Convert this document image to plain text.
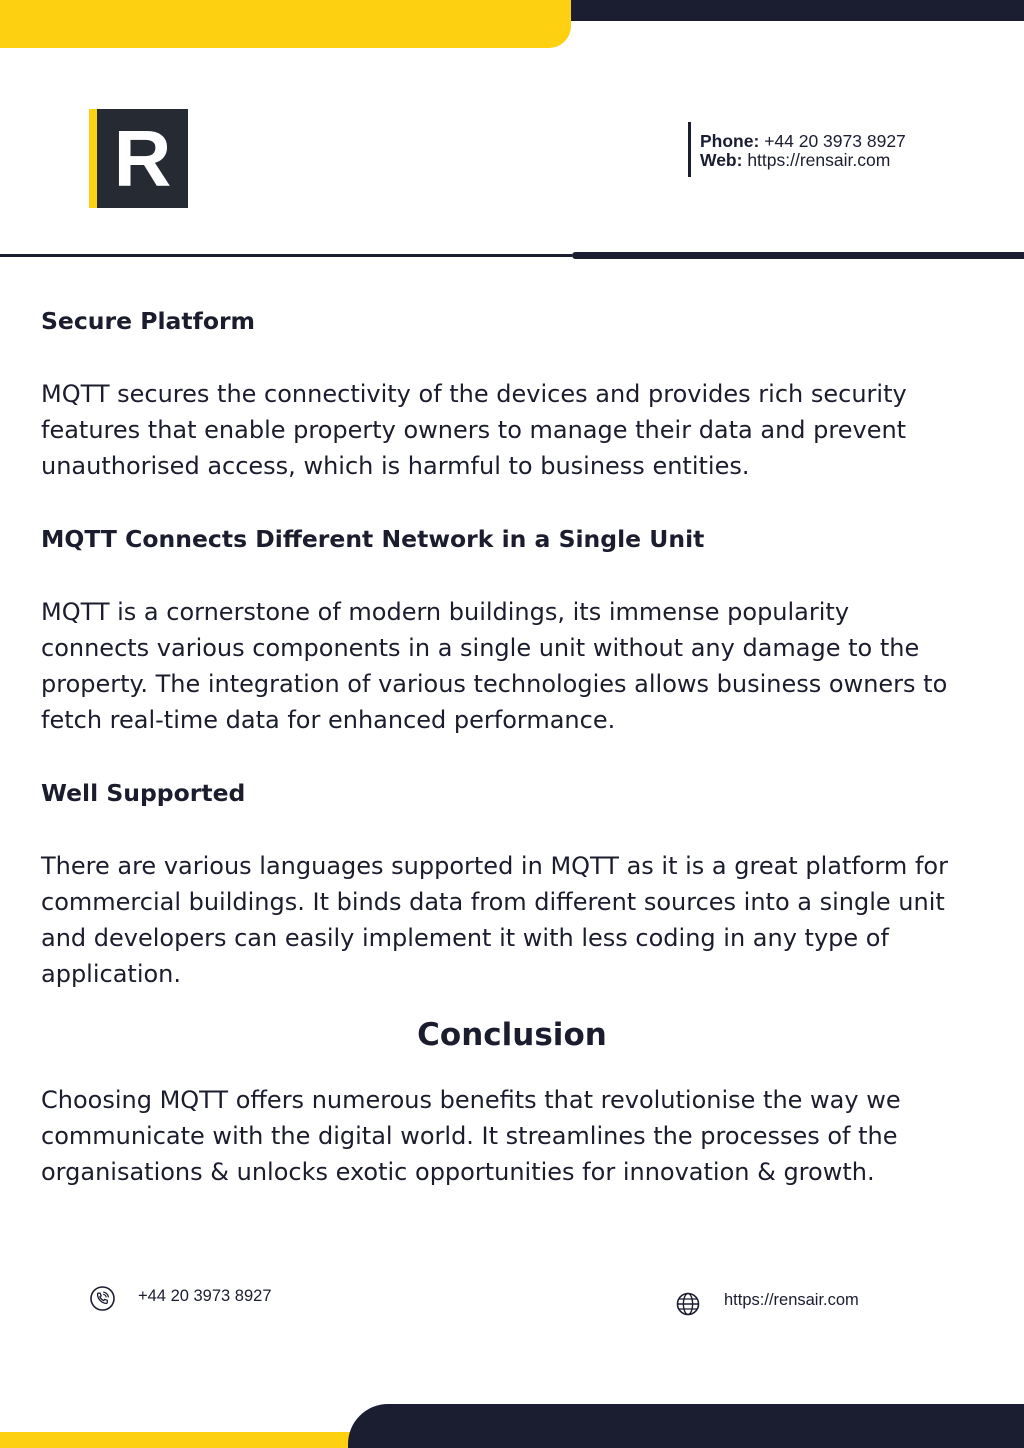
R	Phone: +44 20 3973 8927
Web: https://rensair.com
Secure Platform

MQTT secures the connectivity of the devices and provides rich security
features that enable property owners to manage their data and prevent
unauthorised access, which is harmful to business entities.

MQTT Connects Different Network in a Single Unit

MQTT is a cornerstone of modern buildings, its immense popularity
connects various components in a single unit without any damage to the
property. The integration of various technologies allows business owners to
fetch real-time data for enhanced performance.

Well Supported

There are various languages supported in MQTT as it is a great platform for
commercial buildings. It binds data from different sources into a single unit
and developers can easily implement it with less coding in any type of
application.

Conclusion

Choosing MQTT offers numerous benefits that revolutionise the way we
communicate with the digital world. It streamlines the processes of the
organisations & unlocks exotic opportunities for innovation & growth.

+44 20 3973 8927	https://rensair.com
